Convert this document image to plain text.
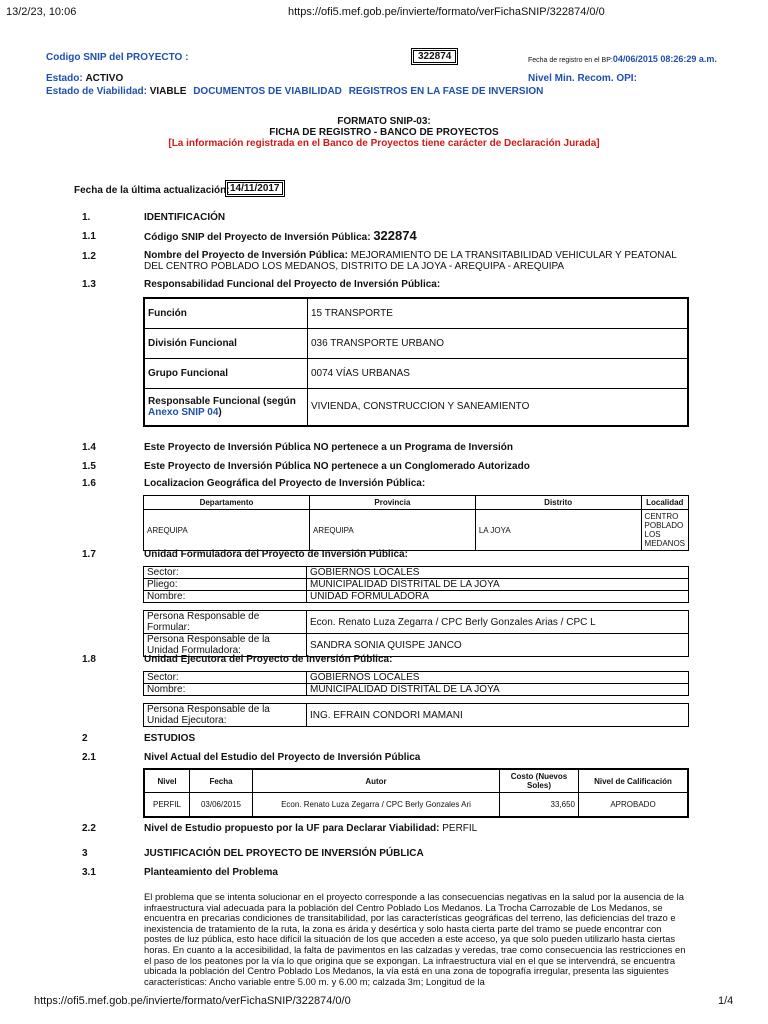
13/2/23, 10:06	https://ofi5.mef.gob.pe/invierte/formato/verFichaSNIP/322874/0/0
https://ofi5.mef.gob.pe/invierte/formato/verFichaSNIP/322874/0/0	1/4
Codigo SNIP del PROYECTO :	322874	Fecha de registro en el BP:04/06/2015 08:26:29 a.m.
Estado: ACTIVO	Nivel Min. Recom. OPI:
Estado de Viabilidad: VIABLE DOCUMENTOS DE VIABILIDAD REGISTROS EN LA FASE DE INVERSION
FORMATO SNIP-03:
FICHA DE REGISTRO - BANCO DE PROYECTOS
[La información registrada en el Banco de Proyectos tiene carácter de Declaración Jurada]
Fecha de la última actualización: 14/11/2017
1.	IDENTIFICACIÓN
1.1	Código SNIP del Proyecto de Inversión Pública: 322874
1.2	Nombre del Proyecto de Inversión Pública: MEJORAMIENTO DE LA TRANSITABILIDAD VEHICULAR Y PEATONAL DEL CENTRO POBLADO LOS MEDANOS, DISTRITO DE LA JOYA - AREQUIPA - AREQUIPA
1.3	Responsabilidad Funcional del Proyecto de Inversión Pública:
Función	15 TRANSPORTE
División Funcional	036 TRANSPORTE URBANO
Grupo Funcional	0074 VÍAS URBANAS
Responsable Funcional (según
Anexo SNIP 04)	VIVIENDA, CONSTRUCCION Y SANEAMIENTO
1.4	Este Proyecto de Inversión Pública NO pertenece a un Programa de Inversión
1.5	Este Proyecto de Inversión Pública NO pertenece a un Conglomerado Autorizado
1.6	Localizacion Geográfica del Proyecto de Inversión Pública:
Departamento	Provincia	Distrito	Localidad
AREQUIPA	AREQUIPA	LA JOYA	CENTRO POBLADO LOS MEDANOS
1.7	Unidad Formuladora del Proyecto de Inversión Pública:
Sector:	GOBIERNOS LOCALES
Pliego:	MUNICIPALIDAD DISTRITAL DE LA JOYA
Nombre:	UNIDAD FORMULADORA
Persona Responsable de Formular:	Econ. Renato Luza Zegarra / CPC Berly Gonzales Arias / CPC L
Persona Responsable de la Unidad Formuladora:	SANDRA SONIA QUISPE JANCO
1.8	Unidad Ejecutora del Proyecto de Inversión Pública:
Sector:	GOBIERNOS LOCALES
Nombre:	MUNICIPALIDAD DISTRITAL DE LA JOYA
Persona Responsable de la Unidad Ejecutora:	ING. EFRAIN CONDORI MAMANI
2	ESTUDIOS
2.1	Nivel Actual del Estudio del Proyecto de Inversión Pública
Nivel	Fecha	Autor	Costo (Nuevos Soles)	Nivel de Calificación
PERFIL	03/06/2015	Econ. Renato Luza Zegarra / CPC Berly Gonzales Ari	33,650	APROBADO
2.2	Nivel de Estudio propuesto por la UF para Declarar Viabilidad: PERFIL
3	JUSTIFICACIÓN DEL PROYECTO DE INVERSIÓN PÚBLICA
3.1	Planteamiento del Problema
El problema que se intenta solucionar en el proyecto corresponde a las consecuencias negativas en la salud por la ausencia de la infraestructura vial adecuada para la población del Centro Poblado Los Medanos. La Trocha Carrozable de Los Medanos, se encuentra en precarias condiciones de transitabilidad, por las características geográficas del terreno, las deficiencias del trazo e inexistencia de tratamiento de la ruta, la zona es árida y desértica y solo hasta cierta parte del tramo se puede encontrar con postes de luz pública, esto hace difícil la situación de los que acceden a este acceso, ya que solo pueden utilizarlo hasta ciertas horas. En cuanto a la accesibilidad, la falta de pavimentos en las calzadas y veredas, trae como consecuencia las restricciones en el paso de los peatones por la vía lo que origina que se expongan. La infraestructura vial en el que se intervendrá, se encuentra ubicada la población del Centro Poblado Los Medanos, la vía está en una zona de topografía irregular, presenta las siguientes características: Ancho variable entre 5.00 m. y 6.00 m; calzada 3m; Longitud de la
